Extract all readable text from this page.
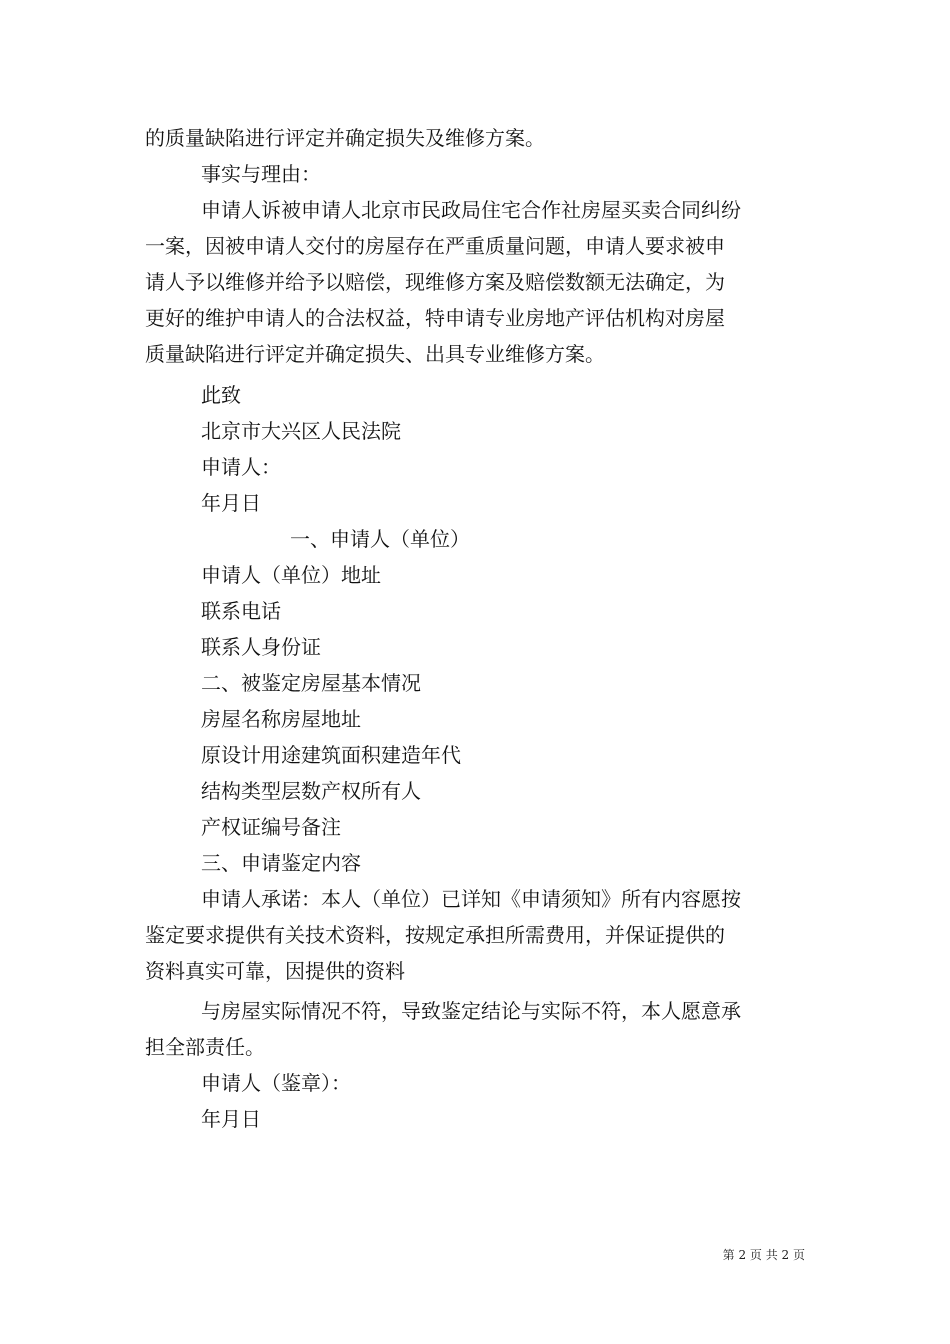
的质量缺陷进行评定并确定损失及维修方案。

事实与理由：

申请人诉被申请人北京市民政局住宅合作社房屋买卖合同纠纷

一案，因被申请人交付的房屋存在严重质量问题，申请人要求被申

请人予以维修并给予以赔偿，现维修方案及赔偿数额无法确定，为

更好的维护申请人的合法权益，特申请专业房地产评估机构对房屋

质量缺陷进行评定并确定损失、出具专业维修方案。

此致

北京市大兴区人民法院

申请人：

年月日

一、申请人（单位）

申请人（单位）地址

联系电话

联系人身份证

二、被鉴定房屋基本情况

房屋名称房屋地址

原设计用途建筑面积建造年代

结构类型层数产权所有人

产权证编号备注

三、申请鉴定内容

申请人承诺：本人（单位）已详知《申请须知》所有内容愿按

鉴定要求提供有关技术资料，按规定承担所需费用，并保证提供的

资料真实可靠，因提供的资料

与房屋实际情况不符，导致鉴定结论与实际不符，本人愿意承

担全部责任。

申请人（鉴章）：

年月日

第 2 页 共 2 页
